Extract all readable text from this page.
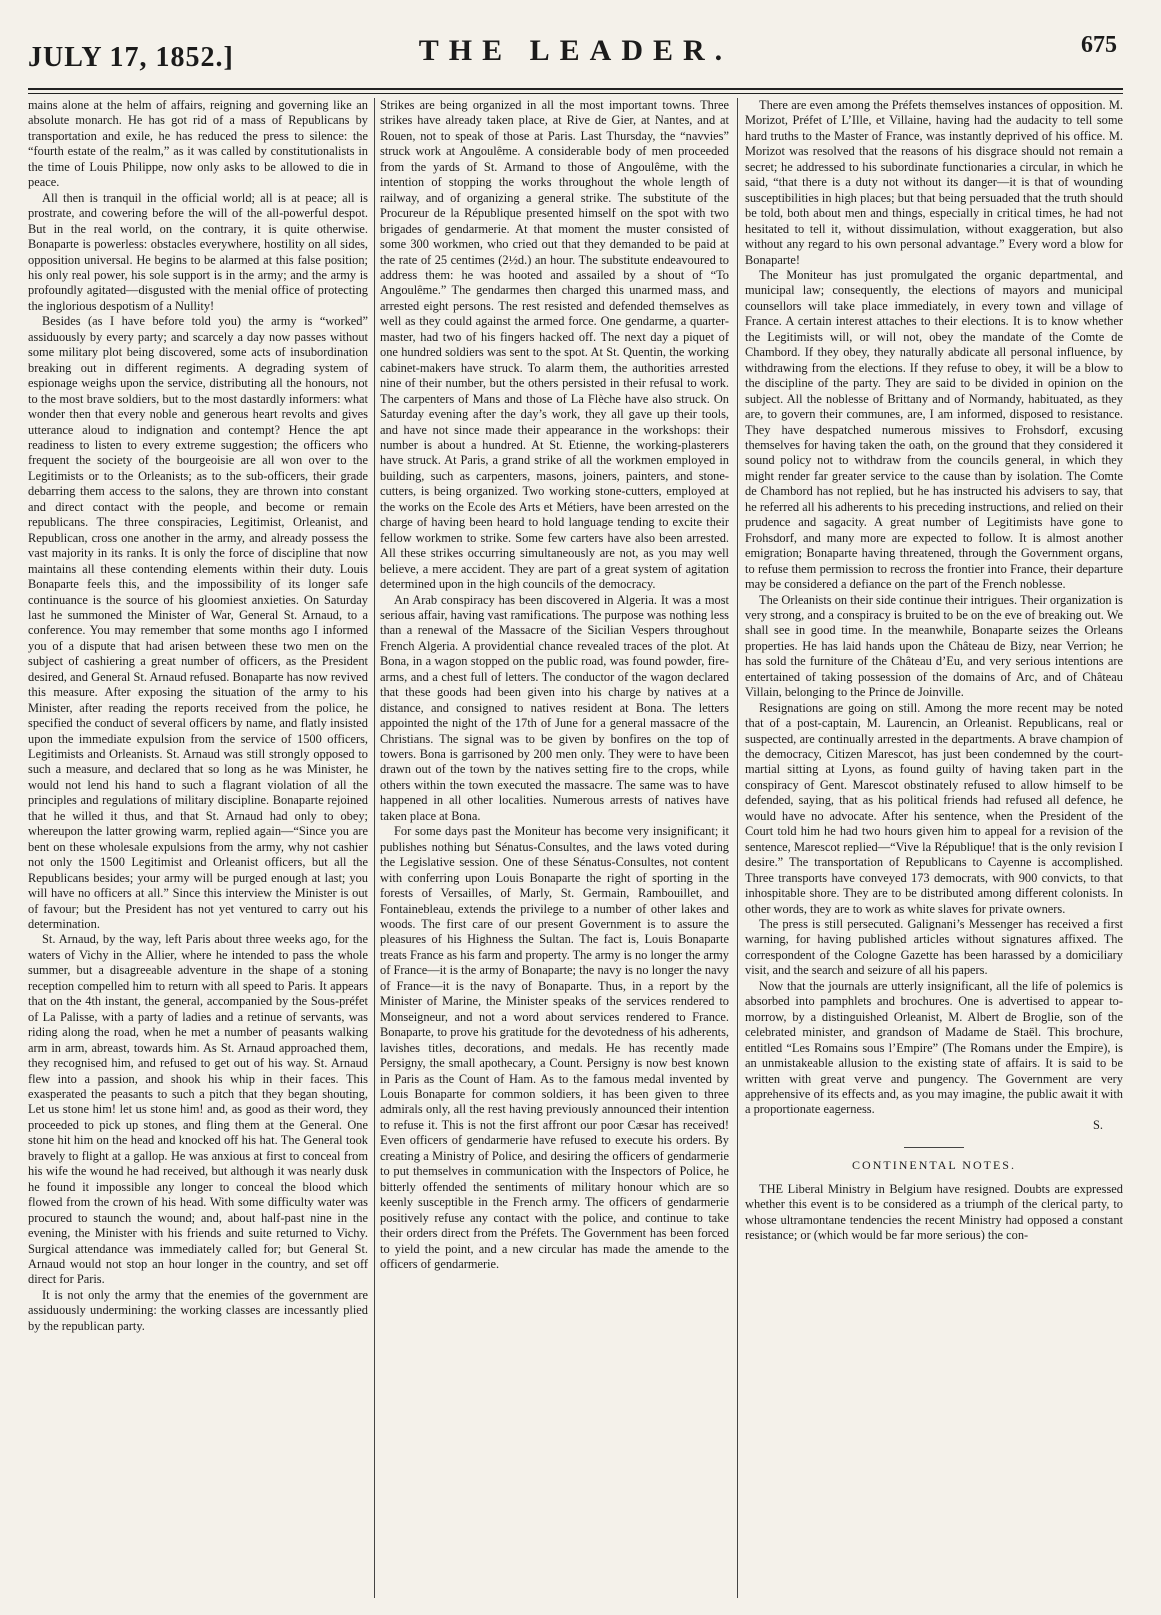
JULY 17, 1852.]	THE LEADER.	675

mains alone at the helm of affairs, reigning and governing like an absolute monarch. He has got rid of a mass of Republicans by transportation and exile, he has reduced the press to silence: the “fourth estate of the realm,” as it was called by constitutionalists in the time of Louis Philippe, now only asks to be allowed to die in peace.

All then is tranquil in the official world; all is at peace; all is prostrate, and cowering before the will of the all-powerful despot. But in the real world, on the contrary, it is quite otherwise. Bonaparte is powerless: obstacles everywhere, hostility on all sides, opposition universal. He begins to be alarmed at this false position; his only real power, his sole support is in the army; and the army is profoundly agitated—disgusted with the menial office of protecting the inglorious despotism of a Nullity!

Besides (as I have before told you) the army is “worked” assiduously by every party; and scarcely a day now passes without some military plot being discovered, some acts of insubordination breaking out in different regiments. A degrading system of espionage weighs upon the service, distributing all the honours, not to the most brave soldiers, but to the most dastardly informers: what wonder then that every noble and generous heart revolts and gives utterance aloud to indignation and contempt? Hence the apt readiness to listen to every extreme suggestion; the officers who frequent the society of the bourgeoisie are all won over to the Legitimists or to the Orleanists; as to the sub-officers, their grade debarring them access to the salons, they are thrown into constant and direct contact with the people, and become or remain republicans. The three conspiracies, Legitimist, Orleanist, and Republican, cross one another in the army, and already possess the vast majority in its ranks. It is only the force of discipline that now maintains all these contending elements within their duty. Louis Bonaparte feels this, and the impossibility of its longer safe continuance is the source of his gloomiest anxieties. On Saturday last he summoned the Minister of War, General St. Arnaud, to a conference. You may remember that some months ago I informed you of a dispute that had arisen between these two men on the subject of cashiering a great number of officers, as the President desired, and General St. Arnaud refused. Bonaparte has now revived this measure. After exposing the situation of the army to his Minister, after reading the reports received from the police, he specified the conduct of several officers by name, and flatly insisted upon the immediate expulsion from the service of 1500 officers, Legitimists and Orleanists. St. Arnaud was still strongly opposed to such a measure, and declared that so long as he was Minister, he would not lend his hand to such a flagrant violation of all the principles and regulations of military discipline. Bonaparte rejoined that he willed it thus, and that St. Arnaud had only to obey; whereupon the latter growing warm, replied again—“Since you are bent on these wholesale expulsions from the army, why not cashier not only the 1500 Legitimist and Orleanist officers, but all the Republicans besides; your army will be purged enough at last; you will have no officers at all.” Since this interview the Minister is out of favour; but the President has not yet ventured to carry out his determination.

St. Arnaud, by the way, left Paris about three weeks ago, for the waters of Vichy in the Allier, where he intended to pass the whole summer, but a disagreeable adventure in the shape of a stoning reception compelled him to return with all speed to Paris. It appears that on the 4th instant, the general, accompanied by the Sous-préfet of La Palisse, with a party of ladies and a retinue of servants, was riding along the road, when he met a number of peasants walking arm in arm, abreast, towards him. As St. Arnaud approached them, they recognised him, and refused to get out of his way. St. Arnaud flew into a passion, and shook his whip in their faces. This exasperated the peasants to such a pitch that they began shouting, Let us stone him! let us stone him! and, as good as their word, they proceeded to pick up stones, and fling them at the General. One stone hit him on the head and knocked off his hat. The General took bravely to flight at a gallop. He was anxious at first to conceal from his wife the wound he had received, but although it was nearly dusk he found it impossible any longer to conceal the blood which flowed from the crown of his head. With some difficulty water was procured to staunch the wound; and, about half-past nine in the evening, the Minister with his friends and suite returned to Vichy. Surgical attendance was immediately called for; but General St. Arnaud would not stop an hour longer in the country, and set off direct for Paris.

It is not only the army that the enemies of the government are assiduously undermining: the working classes are incessantly plied by the republican party.

Strikes are being organized in all the most important towns. Three strikes have already taken place, at Rive de Gier, at Nantes, and at Rouen, not to speak of those at Paris. Last Thursday, the “navvies” struck work at Angoulême. A considerable body of men proceeded from the yards of St. Armand to those of Angoulême, with the intention of stopping the works throughout the whole length of railway, and of organizing a general strike. The substitute of the Procureur de la République presented himself on the spot with two brigades of gendarmerie. At that moment the muster consisted of some 300 workmen, who cried out that they demanded to be paid at the rate of 25 centimes (2½d.) an hour. The substitute endeavoured to address them: he was hooted and assailed by a shout of “To Angoulême.” The gendarmes then charged this unarmed mass, and arrested eight persons. The rest resisted and defended themselves as well as they could against the armed force. One gendarme, a quarter-master, had two of his fingers hacked off. The next day a piquet of one hundred soldiers was sent to the spot. At St. Quentin, the working cabinet-makers have struck. To alarm them, the authorities arrested nine of their number, but the others persisted in their refusal to work. The carpenters of Mans and those of La Flèche have also struck. On Saturday evening after the day’s work, they all gave up their tools, and have not since made their appearance in the workshops: their number is about a hundred. At St. Etienne, the working-plasterers have struck. At Paris, a grand strike of all the workmen employed in building, such as carpenters, masons, joiners, painters, and stone-cutters, is being organized. Two working stone-cutters, employed at the works on the Ecole des Arts et Métiers, have been arrested on the charge of having been heard to hold language tending to excite their fellow workmen to strike. Some few carters have also been arrested. All these strikes occurring simultaneously are not, as you may well believe, a mere accident. They are part of a great system of agitation determined upon in the high councils of the democracy.

An Arab conspiracy has been discovered in Algeria. It was a most serious affair, having vast ramifications. The purpose was nothing less than a renewal of the Massacre of the Sicilian Vespers throughout French Algeria. A providential chance revealed traces of the plot. At Bona, in a wagon stopped on the public road, was found powder, fire-arms, and a chest full of letters. The conductor of the wagon declared that these goods had been given into his charge by natives at a distance, and consigned to natives resident at Bona. The letters appointed the night of the 17th of June for a general massacre of the Christians. The signal was to be given by bonfires on the top of towers. Bona is garrisoned by 200 men only. They were to have been drawn out of the town by the natives setting fire to the crops, while others within the town executed the massacre. The same was to have happened in all other localities. Numerous arrests of natives have taken place at Bona.

For some days past the Moniteur has become very insignificant; it publishes nothing but Sénatus-Consultes, and the laws voted during the Legislative session. One of these Sénatus-Consultes, not content with conferring upon Louis Bonaparte the right of sporting in the forests of Versailles, of Marly, St. Germain, Rambouillet, and Fontainebleau, extends the privilege to a number of other lakes and woods. The first care of our present Government is to assure the pleasures of his Highness the Sultan. The fact is, Louis Bonaparte treats France as his farm and property. The army is no longer the army of France—it is the army of Bonaparte; the navy is no longer the navy of France—it is the navy of Bonaparte. Thus, in a report by the Minister of Marine, the Minister speaks of the services rendered to Monseigneur, and not a word about services rendered to France. Bonaparte, to prove his gratitude for the devotedness of his adherents, lavishes titles, decorations, and medals. He has recently made Persigny, the small apothecary, a Count. Persigny is now best known in Paris as the Count of Ham. As to the famous medal invented by Louis Bonaparte for common soldiers, it has been given to three admirals only, all the rest having previously announced their intention to refuse it. This is not the first affront our poor Cæsar has received! Even officers of gendarmerie have refused to execute his orders. By creating a Ministry of Police, and desiring the officers of gendarmerie to put themselves in communication with the Inspectors of Police, he bitterly offended the sentiments of military honour which are so keenly susceptible in the French army. The officers of gendarmerie positively refuse any contact with the police, and continue to take their orders direct from the Préfets. The Government has been forced to yield the point, and a new circular has made the amende to the officers of gendarmerie.

There are even among the Préfets themselves instances of opposition. M. Morizot, Préfet of L’Ille, et Villaine, having had the audacity to tell some hard truths to the Master of France, was instantly deprived of his office. M. Morizot was resolved that the reasons of his disgrace should not remain a secret; he addressed to his subordinate functionaries a circular, in which he said, “that there is a duty not without its danger—it is that of wounding susceptibilities in high places; but that being persuaded that the truth should be told, both about men and things, especially in critical times, he had not hesitated to tell it, without dissimulation, without exaggeration, but also without any regard to his own personal advantage.” Every word a blow for Bonaparte!

The Moniteur has just promulgated the organic departmental, and municipal law; consequently, the elections of mayors and municipal counsellors will take place immediately, in every town and village of France. A certain interest attaches to their elections. It is to know whether the Legitimists will, or will not, obey the mandate of the Comte de Chambord. If they obey, they naturally abdicate all personal influence, by withdrawing from the elections. If they refuse to obey, it will be a blow to the discipline of the party. They are said to be divided in opinion on the subject. All the noblesse of Brittany and of Normandy, habituated, as they are, to govern their communes, are, I am informed, disposed to resistance. They have despatched numerous missives to Frohsdorf, excusing themselves for having taken the oath, on the ground that they considered it sound policy not to withdraw from the councils general, in which they might render far greater service to the cause than by isolation. The Comte de Chambord has not replied, but he has instructed his advisers to say, that he referred all his adherents to his preceding instructions, and relied on their prudence and sagacity. A great number of Legitimists have gone to Frohsdorf, and many more are expected to follow. It is almost another emigration; Bonaparte having threatened, through the Government organs, to refuse them permission to recross the frontier into France, their departure may be considered a defiance on the part of the French noblesse.

The Orleanists on their side continue their intrigues. Their organization is very strong, and a conspiracy is bruited to be on the eve of breaking out. We shall see in good time. In the meanwhile, Bonaparte seizes the Orleans properties. He has laid hands upon the Château de Bizy, near Verrion; he has sold the furniture of the Château d’Eu, and very serious intentions are entertained of taking possession of the domains of Arc, and of Château Villain, belonging to the Prince de Joinville.

Resignations are going on still. Among the more recent may be noted that of a post-captain, M. Laurencin, an Orleanist. Republicans, real or suspected, are continually arrested in the departments. A brave champion of the democracy, Citizen Marescot, has just been condemned by the court-martial sitting at Lyons, as found guilty of having taken part in the conspiracy of Gent. Marescot obstinately refused to allow himself to be defended, saying, that as his political friends had refused all defence, he would have no advocate. After his sentence, when the President of the Court told him he had two hours given him to appeal for a revision of the sentence, Marescot replied—“Vive la République! that is the only revision I desire.” The transportation of Republicans to Cayenne is accomplished. Three transports have conveyed 173 democrats, with 900 convicts, to that inhospitable shore. They are to be distributed among different colonists. In other words, they are to work as white slaves for private owners.

The press is still persecuted. Galignani’s Messenger has received a first warning, for having published articles without signatures affixed. The correspondent of the Cologne Gazette has been harassed by a domiciliary visit, and the search and seizure of all his papers.

Now that the journals are utterly insignificant, all the life of polemics is absorbed into pamphlets and brochures. One is advertised to appear to-morrow, by a distinguished Orleanist, M. Albert de Broglie, son of the celebrated minister, and grandson of Madame de Staël. This brochure, entitled “Les Romains sous l’Empire” (The Romans under the Empire), is an unmistakeable allusion to the existing state of affairs. It is said to be written with great verve and pungency. The Government are very apprehensive of its effects and, as you may imagine, the public await it with a proportionate eagerness.

S.

CONTINENTAL NOTES.

THE Liberal Ministry in Belgium have resigned. Doubts are expressed whether this event is to be considered as a triumph of the clerical party, to whose ultramontane tendencies the recent Ministry had opposed a constant resistance; or (which would be far more serious) the con-
